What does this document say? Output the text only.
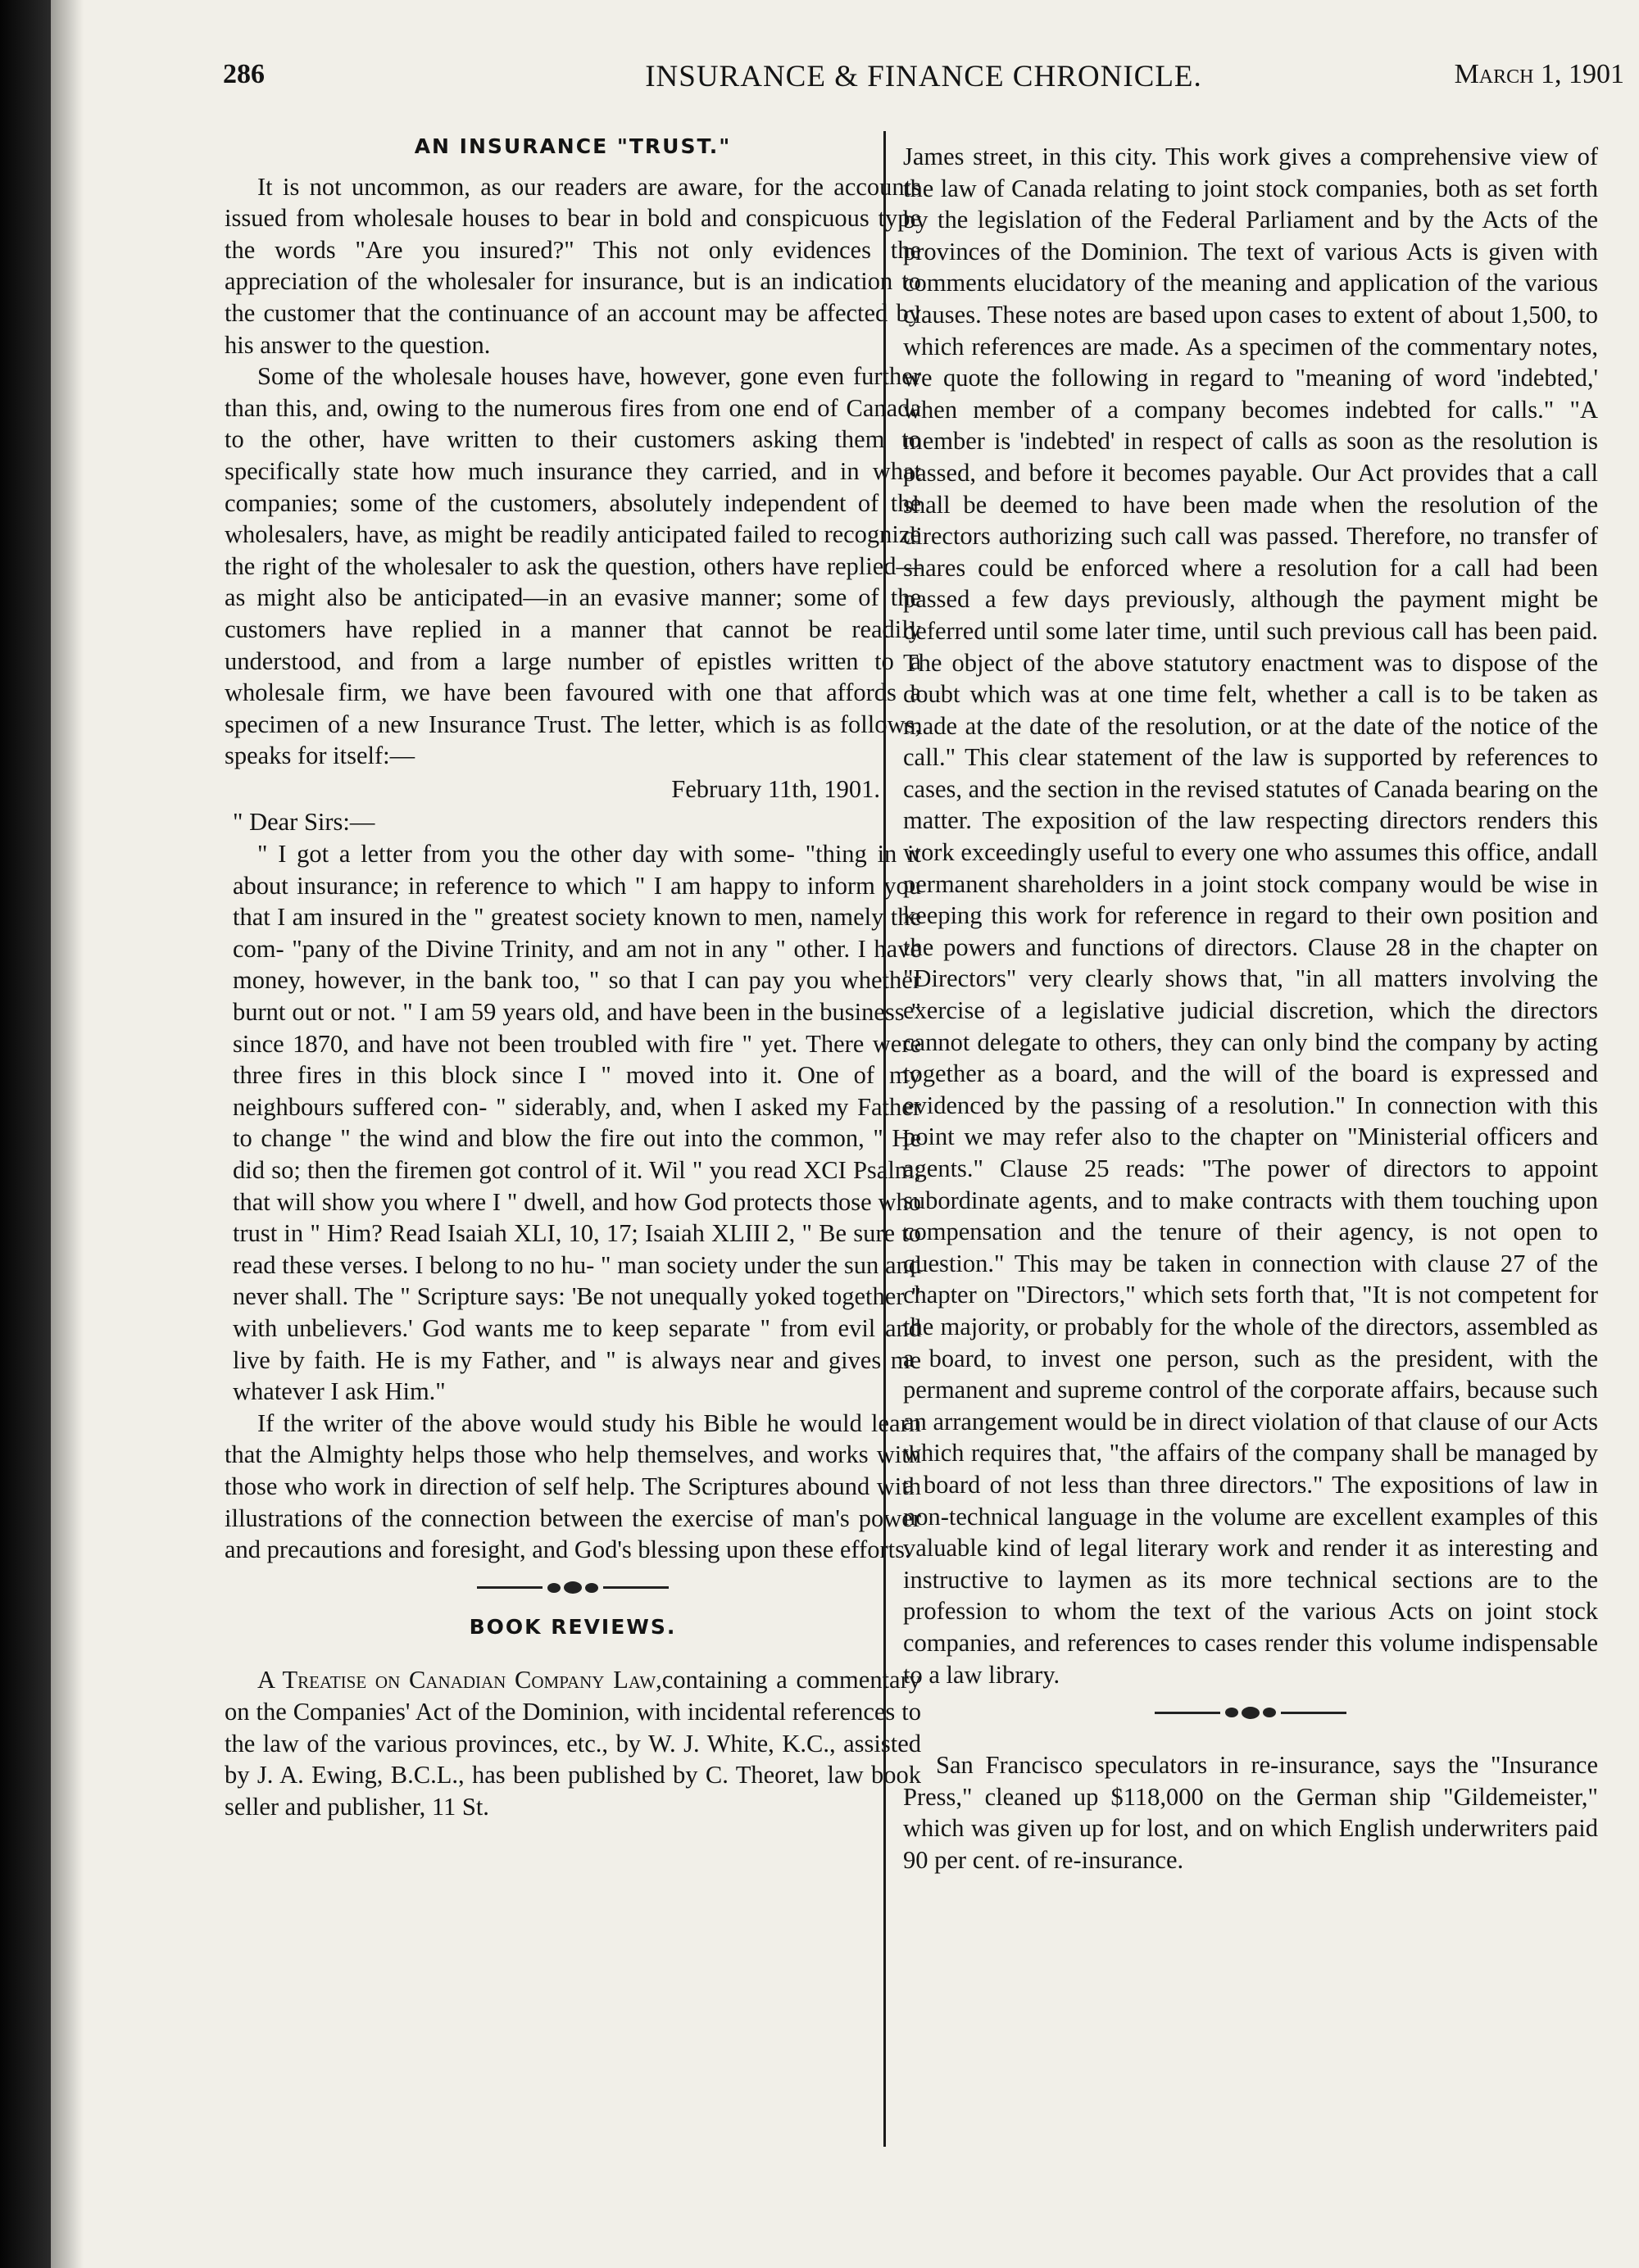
286	INSURANCE & FINANCE CHRONICLE.	March 1, 1901
AN INSURANCE "TRUST."

It is not uncommon, as our readers are aware, for the accounts issued from wholesale houses to bear in bold and conspicuous type the words "Are you insured?" This not only evidences the appreciation of the wholesaler for insurance, but is an indication to the customer that the continuance of an account may be affected by his answer to the question.

Some of the wholesale houses have, however, gone even further than this, and, owing to the numerous fires from one end of Canada to the other, have written to their customers asking them to specifically state how much insurance they carried, and in what companies; some of the customers, absolutely independent of the wholesalers, have, as might be readily anticipated failed to recognize the right of the wholesaler to ask the question, others have replied—as might also be anticipated—in an evasive manner; some of the customers have replied in a manner that cannot be readily understood, and from a large number of epistles written to a wholesale firm, we have been favoured with one that affords a specimen of a new Insurance Trust. The letter, which is as follows, speaks for itself:—

February 11th, 1901.

" Dear Sirs:—

" I got a letter from you the other day with some- "thing in it about insurance; in reference to which " I am happy to inform you that I am insured in the " greatest society known to men, namely the com- "pany of the Divine Trinity, and am not in any " other. I have money, however, in the bank too, " so that I can pay you whether burnt out or not. " I am 59 years old, and have been in the business " since 1870, and have not been troubled with fire " yet. There were three fires in this block since I " moved into it. One of my neighbours suffered con- " siderably, and, when I asked my Father to change " the wind and blow the fire out into the common, " He did so; then the firemen got control of it. Wil " you read XCI Psalm; that will show you where I " dwell, and how God protects those who trust in " Him? Read Isaiah XLI, 10, 17; Isaiah XLIII 2, " Be sure to read these verses. I belong to no hu- " man society under the sun and never shall. The " Scripture says: 'Be not unequally yoked together " with unbelievers.' God wants me to keep separate " from evil and live by faith. He is my Father, and " is always near and gives me whatever I ask Him."

If the writer of the above would study his Bible he would learn that the Almighty helps those who help themselves, and works with those who work in direction of self help. The Scriptures abound with illustrations of the connection between the exercise of man's power and precautions and foresight, and God's blessing upon these efforts.

BOOK REVIEWS.

A Treatise on Canadian Company Law,containing a commentary on the Companies' Act of the Dominion, with incidental references to the law of the various provinces, etc., by W. J. White, K.C., assisted by J. A. Ewing, B.C.L., has been published by C. Theoret, law book seller and publisher, 11 St.

James street, in this city. This work gives a comprehensive view of the law of Canada relating to joint stock companies, both as set forth by the legislation of the Federal Parliament and by the Acts of the provinces of the Dominion. The text of various Acts is given with comments elucidatory of the meaning and application of the various clauses. These notes are based upon cases to extent of about 1,500, to which references are made. As a specimen of the commentary notes, we quote the following in regard to "meaning of word 'indebted,' when member of a company becomes indebted for calls." "A member is 'indebted' in respect of calls as soon as the resolution is passed, and before it becomes payable. Our Act provides that a call shall be deemed to have been made when the resolution of the directors authorizing such call was passed. Therefore, no transfer of shares could be enforced where a resolution for a call had been passed a few days previously, although the payment might be deferred until some later time, until such previous call has been paid. The object of the above statutory enactment was to dispose of the doubt which was at one time felt, whether a call is to be taken as made at the date of the resolution, or at the date of the notice of the call." This clear statement of the law is supported by references to cases, and the section in the revised statutes of Canada bearing on the matter. The exposition of the law respecting directors renders this work exceedingly useful to every one who assumes this office, andall permanent shareholders in a joint stock company would be wise in keeping this work for reference in regard to their own position and the powers and functions of directors. Clause 28 in the chapter on "Directors" very clearly shows that, "in all matters involving the exercise of a legislative judicial discretion, which the directors cannot delegate to others, they can only bind the company by acting together as a board, and the will of the board is expressed and evidenced by the passing of a resolution." In connection with this point we may refer also to the chapter on "Ministerial officers and agents." Clause 25 reads: "The power of directors to appoint subordinate agents, and to make contracts with them touching upon compensation and the tenure of their agency, is not open to question." This may be taken in connection with clause 27 of the chapter on "Directors," which sets forth that, "It is not competent for the majority, or probably for the whole of the directors, assembled as a board, to invest one person, such as the president, with the permanent and supreme control of the corporate affairs, because such an arrangement would be in direct violation of that clause of our Acts which requires that, "the affairs of the company shall be managed by a board of not less than three directors." The expositions of law in non-technical language in the volume are excellent examples of this valuable kind of legal literary work and render it as interesting and instructive to laymen as its more technical sections are to the profession to whom the text of the various Acts on joint stock companies, and references to cases render this volume indispensable to a law library.

San Francisco speculators in re-insurance, says the "Insurance Press," cleaned up $118,000 on the German ship "Gildemeister," which was given up for lost, and on which English underwriters paid 90 per cent. of re-insurance.
